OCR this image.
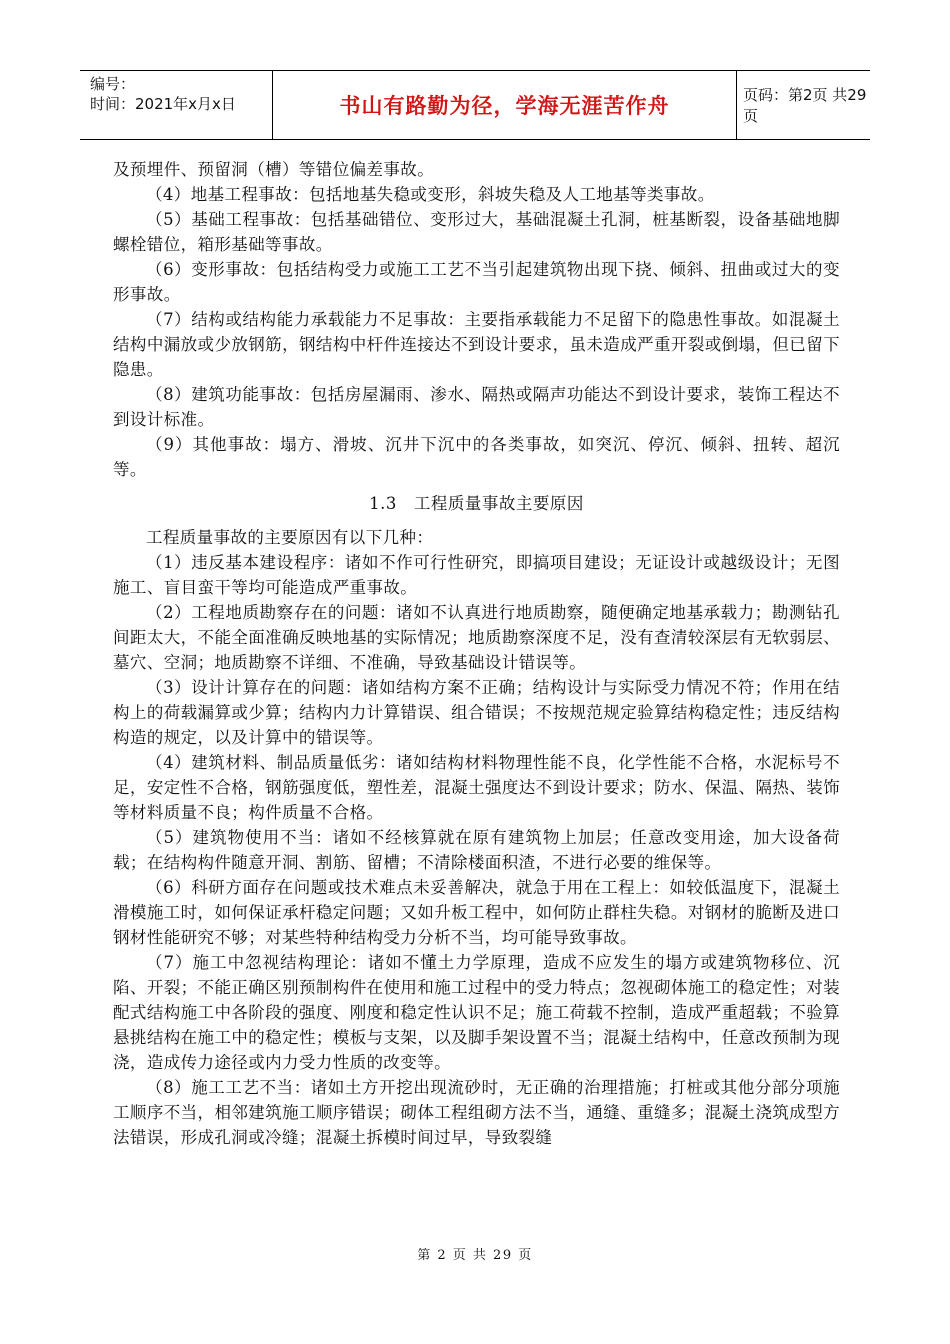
编号：
时间：2021年x月x日	书山有路勤为径，学海无涯苦作舟	页码：第2页 共29页

及预埋件、预留洞（槽）等错位偏差事故。

（4）地基工程事故：包括地基失稳或变形，斜坡失稳及人工地基等类事故。

（5）基础工程事故：包括基础错位、变形过大，基础混凝土孔洞，桩基断裂，设备基础地脚螺栓错位，箱形基础等事故。

（6）变形事故：包括结构受力或施工工艺不当引起建筑物出现下挠、倾斜、扭曲或过大的变形事故。

（7）结构或结构能力承载能力不足事故：主要指承载能力不足留下的隐患性事故。如混凝土结构中漏放或少放钢筋，钢结构中杆件连接达不到设计要求，虽未造成严重开裂或倒塌，但已留下隐患。

（8）建筑功能事故：包括房屋漏雨、渗水、隔热或隔声功能达不到设计要求，装饰工程达不到设计标准。

（9）其他事故：塌方、滑坡、沉井下沉中的各类事故，如突沉、停沉、倾斜、扭转、超沉等。

1.3　工程质量事故主要原因

工程质量事故的主要原因有以下几种：

（1）违反基本建设程序：诸如不作可行性研究，即搞项目建设；无证设计或越级设计；无图施工、盲目蛮干等均可能造成严重事故。

（2）工程地质勘察存在的问题：诸如不认真进行地质勘察，随便确定地基承载力；勘测钻孔间距太大，不能全面准确反映地基的实际情况；地质勘察深度不足，没有查清较深层有无软弱层、墓穴、空洞；地质勘察不详细、不准确，导致基础设计错误等。

（3）设计计算存在的问题：诸如结构方案不正确；结构设计与实际受力情况不符；作用在结构上的荷载漏算或少算；结构内力计算错误、组合错误；不按规范规定验算结构稳定性；违反结构构造的规定，以及计算中的错误等。

（4）建筑材料、制品质量低劣：诸如结构材料物理性能不良，化学性能不合格，水泥标号不足，安定性不合格，钢筋强度低，塑性差，混凝土强度达不到设计要求；防水、保温、隔热、装饰等材料质量不良；构件质量不合格。

（5）建筑物使用不当：诸如不经核算就在原有建筑物上加层；任意改变用途，加大设备荷载；在结构构件随意开洞、割筋、留槽；不清除楼面积渣，不进行必要的维保等。

（6）科研方面存在问题或技术难点未妥善解决，就急于用在工程上：如较低温度下，混凝土滑模施工时，如何保证承杆稳定问题；又如升板工程中，如何防止群柱失稳。对钢材的脆断及进口钢材性能研究不够；对某些特种结构受力分析不当，均可能导致事故。

（7）施工中忽视结构理论：诸如不懂土力学原理，造成不应发生的塌方或建筑物移位、沉陷、开裂；不能正确区别预制构件在使用和施工过程中的受力特点；忽视砌体施工的稳定性；对装配式结构施工中各阶段的强度、刚度和稳定性认识不足；施工荷载不控制，造成严重超载；不验算悬挑结构在施工中的稳定性；模板与支架，以及脚手架设置不当；混凝土结构中，任意改预制为现浇，造成传力途径或内力受力性质的改变等。

（8）施工工艺不当：诸如土方开挖出现流砂时，无正确的治理措施；打桩或其他分部分项施工顺序不当，相邻建筑施工顺序错误；砌体工程组砌方法不当，通缝、重缝多；混凝土浇筑成型方法错误，形成孔洞或冷缝；混凝土拆模时间过早，导致裂缝

第 2 页 共 29 页
